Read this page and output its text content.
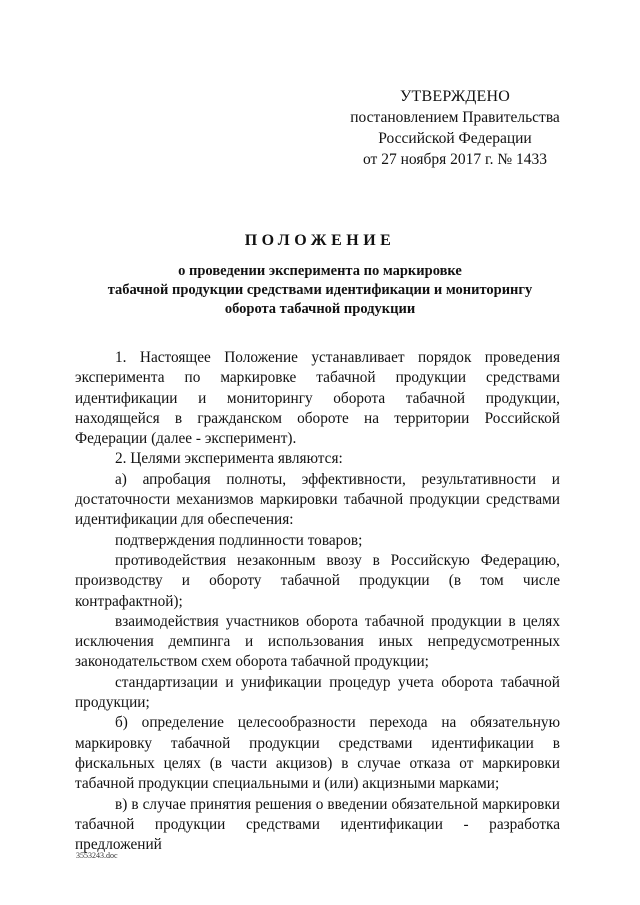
УТВЕРЖДЕНО
постановлением Правительства
Российской Федерации
от 27 ноября 2017 г. № 1433
ПОЛОЖЕНИЕ
о проведении эксперимента по маркировке
табачной продукции средствами идентификации и мониторингу
оборота табачной продукции

1. Настоящее Положение устанавливает порядок проведения эксперимента по маркировке табачной продукции средствами идентификации и мониторингу оборота табачной продукции, находящейся в гражданском обороте на территории Российской Федерации (далее - эксперимент).

2. Целями эксперимента являются:

а) апробация полноты, эффективности, результативности и достаточности механизмов маркировки табачной продукции средствами идентификации для обеспечения:

подтверждения подлинности товаров;

противодействия незаконным ввозу в Российскую Федерацию, производству и обороту табачной продукции (в том числе контрафактной);

взаимодействия участников оборота табачной продукции в целях исключения демпинга и использования иных непредусмотренных законодательством схем оборота табачной продукции;

стандартизации и унификации процедур учета оборота табачной продукции;

б) определение целесообразности перехода на обязательную маркировку табачной продукции средствами идентификации в фискальных целях (в части акцизов) в случае отказа от маркировки табачной продукции специальными и (или) акцизными марками;

в) в случае принятия решения о введении обязательной маркировки табачной продукции средствами идентификации - разработка предложений

3553243.doc
